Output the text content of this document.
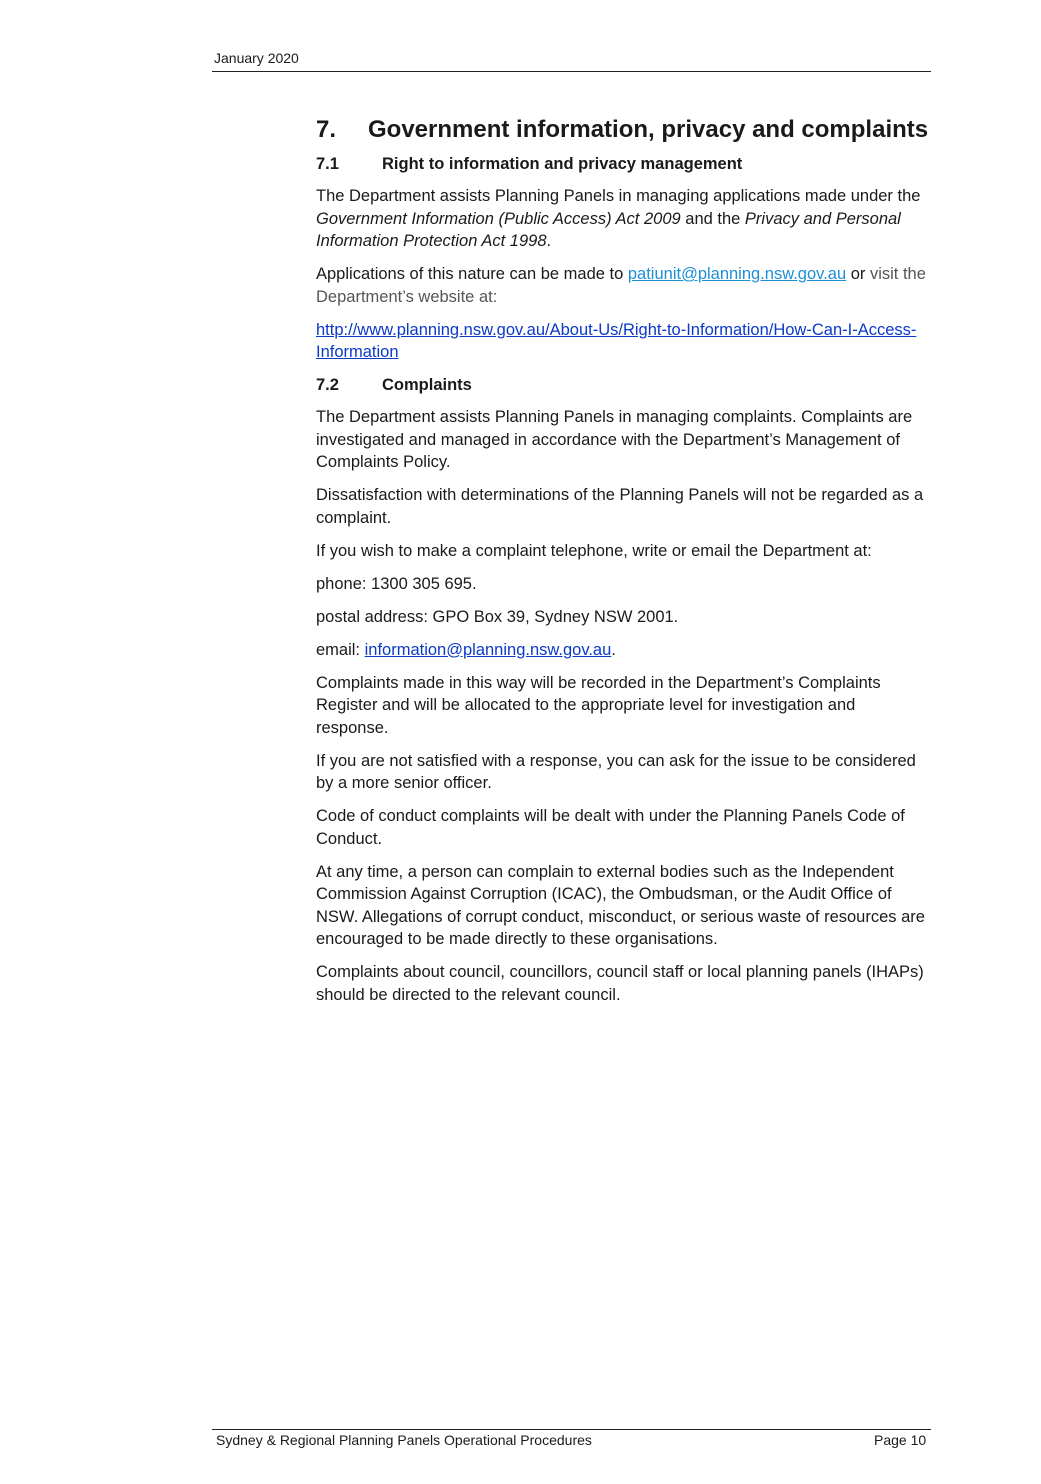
January 2020
7.	Government information, privacy and complaints
7.1	Right to information and privacy management

The Department assists Planning Panels in managing applications made under the Government Information (Public Access) Act 2009 and the Privacy and Personal Information Protection Act 1998.

Applications of this nature can be made to patiunit@planning.nsw.gov.au or visit the Department’s website at:

http://www.planning.nsw.gov.au/About-Us/Right-to-Information/How-Can-I-Access-Information

7.2	Complaints

The Department assists Planning Panels in managing complaints. Complaints are investigated and managed in accordance with the Department’s Management of Complaints Policy.

Dissatisfaction with determinations of the Planning Panels will not be regarded as a complaint.

If you wish to make a complaint telephone, write or email the Department at:

phone: 1300 305 695.

postal address: GPO Box 39, Sydney NSW 2001.

email: information@planning.nsw.gov.au.

Complaints made in this way will be recorded in the Department’s Complaints Register and will be allocated to the appropriate level for investigation and response.

If you are not satisfied with a response, you can ask for the issue to be considered by a more senior officer.

Code of conduct complaints will be dealt with under the Planning Panels Code of Conduct.

At any time, a person can complain to external bodies such as the Independent Commission Against Corruption (ICAC), the Ombudsman, or the Audit Office of NSW. Allegations of corrupt conduct, misconduct, or serious waste of resources are encouraged to be made directly to these organisations.

Complaints about council, councillors, council staff or local planning panels (IHAPs) should be directed to the relevant council.

Sydney & Regional Planning Panels Operational Procedures	Page 10
